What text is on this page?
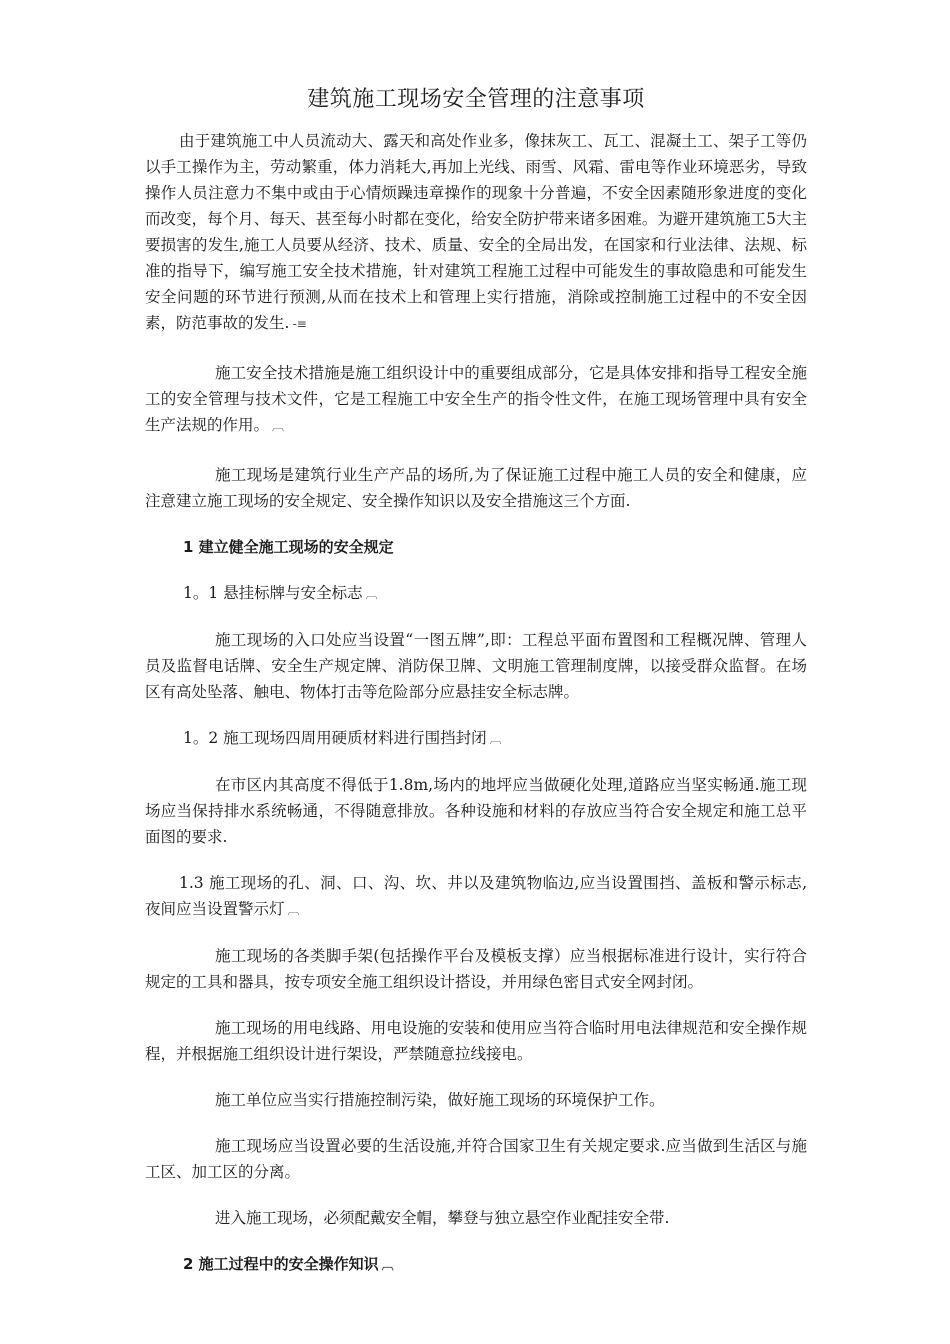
建筑施工现场安全管理的注意事项

由于建筑施工中人员流动大、露天和高处作业多，像抹灰工、瓦工、混凝土工、架子工等仍以手工操作为主，劳动繁重，体力消耗大,再加上光线、雨雪、风霜、雷电等作业环境恶劣，导致操作人员注意力不集中或由于心情烦躁违章操作的现象十分普遍，不安全因素随形象进度的变化而改变，每个月、每天、甚至每小时都在变化，给安全防护带来诸多困难。为避开建筑施工5大主要损害的发生,施工人员要从经济、技术、质量、安全的全局出发，在国家和行业法律、法规、标准的指导下，编写施工安全技术措施，针对建筑工程施工过程中可能发生的事故隐患和可能发生安全问题的环节进行预测,从而在技术上和管理上实行措施，消除或控制施工过程中的不安全因素，防范事故的发生. -≡

施工安全技术措施是施工组织设计中的重要组成部分，它是具体安排和指导工程安全施工的安全管理与技术文件，它是工程施工中安全生产的指令性文件，在施工现场管理中具有安全生产法规的作用。 ︹

施工现场是建筑行业生产产品的场所,为了保证施工过程中施工人员的安全和健康，应注意建立施工现场的安全规定、安全操作知识以及安全措施这三个方面.

1 建立健全施工现场的安全规定

1。1 悬挂标牌与安全标志 ︹

施工现场的入口处应当设置“一图五牌”,即：工程总平面布置图和工程概况牌、管理人员及监督电话牌、安全生产规定牌、消防保卫牌、文明施工管理制度牌，以接受群众监督。在场区有高处坠落、触电、物体打击等危险部分应悬挂安全标志牌。

1。2 施工现场四周用硬质材料进行围挡封闭 ︹

在市区内其高度不得低于1.8m,场内的地坪应当做硬化处理,道路应当坚实畅通.施工现场应当保持排水系统畅通，不得随意排放。各种设施和材料的存放应当符合安全规定和施工总平面图的要求.

1.3 施工现场的孔、洞、口、沟、坎、井以及建筑物临边,应当设置围挡、盖板和警示标志,夜间应当设置警示灯 ︹

施工现场的各类脚手架(包括操作平台及模板支撑）应当根据标准进行设计，实行符合规定的工具和器具，按专项安全施工组织设计搭设，并用绿色密目式安全网封闭。

施工现场的用电线路、用电设施的安装和使用应当符合临时用电法律规范和安全操作规程，并根据施工组织设计进行架设，严禁随意拉线接电。

施工单位应当实行措施控制污染，做好施工现场的环境保护工作。

施工现场应当设置必要的生活设施,并符合国家卫生有关规定要求.应当做到生活区与施工区、加工区的分离。

进入施工现场，必须配戴安全帽，攀登与独立悬空作业配挂安全带.

2 施工过程中的安全操作知识 ︹
